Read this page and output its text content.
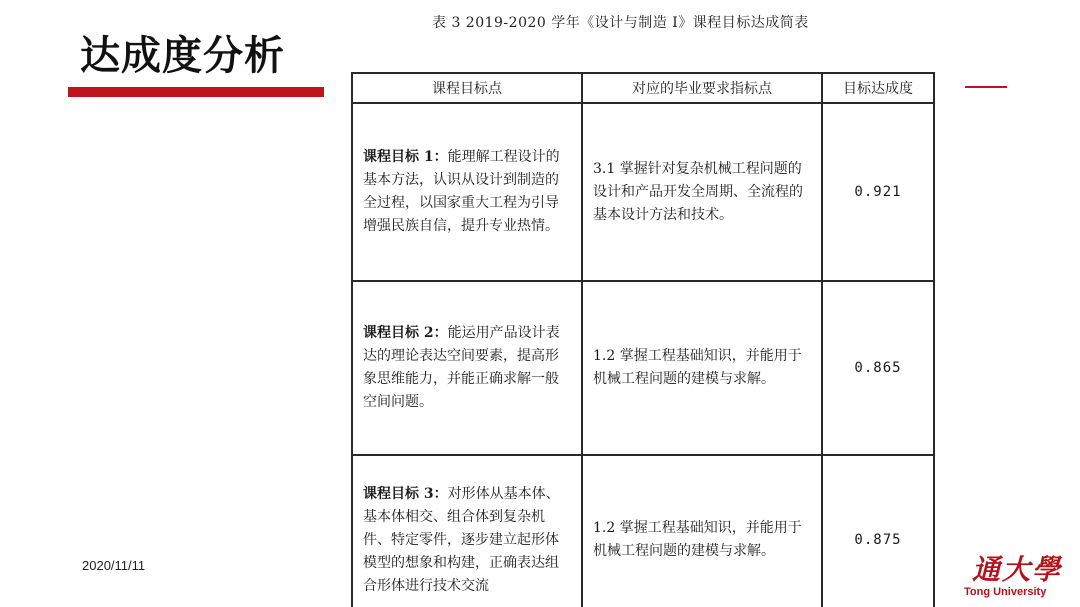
达成度分析
表 3 2019-2020 学年《设计与制造 I》课程目标达成简表
课程目标点	对应的毕业要求指标点	目标达成度
课程目标 1：能理解工程设计的基本方法，认识从设计到制造的全过程，以国家重大工程为引导增强民族自信，提升专业热情。	3.1 掌握针对复杂机械工程问题的设计和产品开发全周期、全流程的基本设计方法和技术。	0.921
课程目标 2：能运用产品设计表达的理论表达空间要素，提高形象思维能力，并能正确求解一般空间问题。	1.2 掌握工程基础知识，并能用于机械工程问题的建模与求解。	0.865
课程目标 3：对形体从基本体、基本体相交、组合体到复杂机件、特定零件，逐步建立起形体模型的想象和构建，正确表达组合形体进行技术交流	1.2 掌握工程基础知识，并能用于机械工程问题的建模与求解。	0.875
2020/11/11	通大學
Tong University
